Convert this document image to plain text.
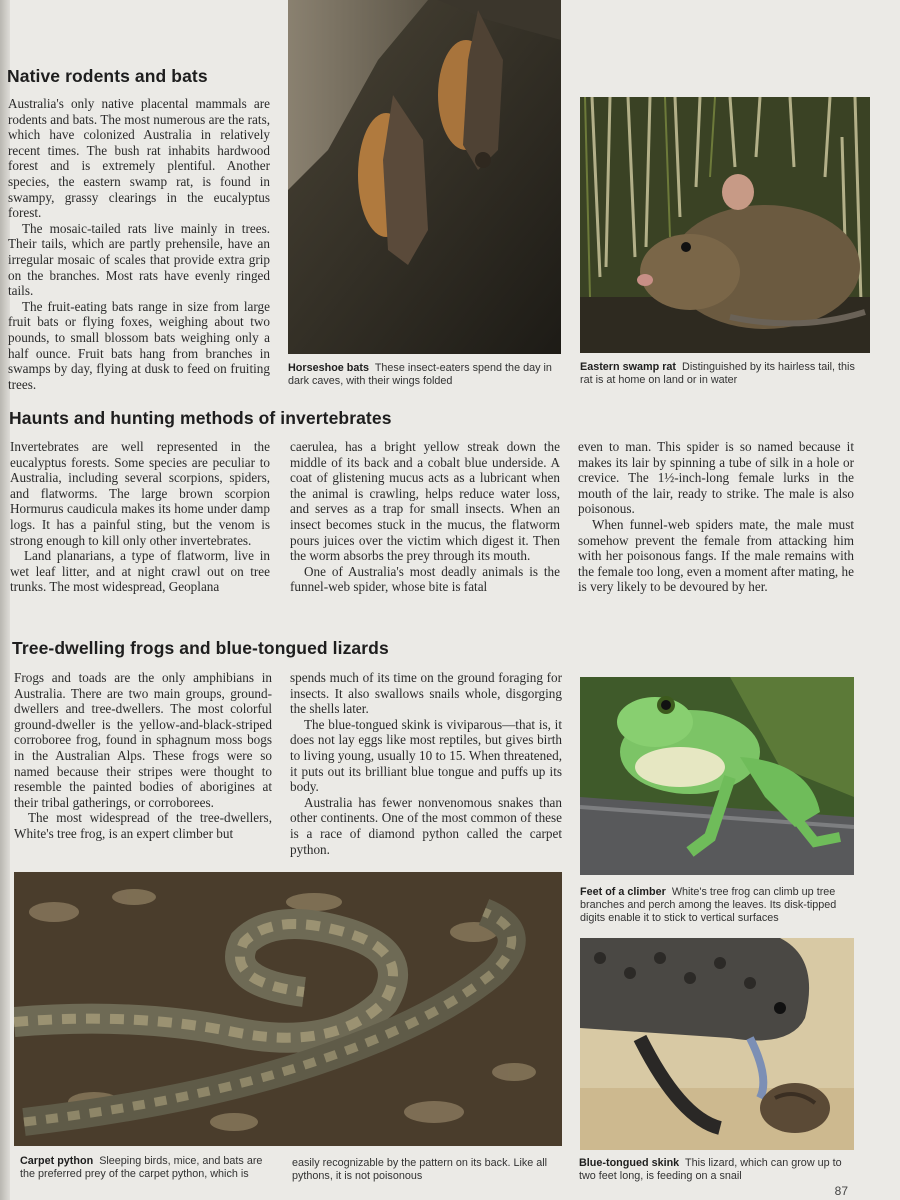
Native rodents and bats

Australia's only native placental mammals are rodents and bats. The most numerous are the rats, which have colonized Australia in relatively recent times. The bush rat inhabits hardwood forest and is extremely plentiful. Another species, the eastern swamp rat, is found in swampy, grassy clearings in the eucalyptus forest.

The mosaic-tailed rats live mainly in trees. Their tails, which are partly prehensile, have an irregular mosaic of scales that provide extra grip on the branches. Most rats have evenly ringed tails.

The fruit-eating bats range in size from large fruit bats or flying foxes, weighing about two pounds, to small blossom bats weighing only a half ounce. Fruit bats hang from branches in swamps by day, flying at dusk to feed on fruiting trees.

Horseshoe bats These insect-eaters spend the day in dark caves, with their wings folded
Eastern swamp rat Distinguished by its hairless tail, this rat is at home on land or in water
Haunts and hunting methods of invertebrates

Invertebrates are well represented in the eucalyptus forests. Some species are peculiar to Australia, including several scorpions, spiders, and flatworms. The large brown scorpion Hormurus caudicula makes its home under damp logs. It has a painful sting, but the venom is strong enough to kill only other invertebrates.

Land planarians, a type of flatworm, live in wet leaf litter, and at night crawl out on tree trunks. The most widespread, Geoplana

caerulea, has a bright yellow streak down the middle of its back and a cobalt blue underside. A coat of glistening mucus acts as a lubricant when the animal is crawling, helps reduce water loss, and serves as a trap for small insects. When an insect becomes stuck in the mucus, the flatworm pours juices over the victim which digest it. Then the worm absorbs the prey through its mouth.

One of Australia's most deadly animals is the funnel-web spider, whose bite is fatal

even to man. This spider is so named because it makes its lair by spinning a tube of silk in a hole or crevice. The 1½-inch-long female lurks in the mouth of the lair, ready to strike. The male is also poisonous.

When funnel-web spiders mate, the male must somehow prevent the female from attacking him with her poisonous fangs. If the male remains with the female too long, even a moment after mating, he is very likely to be devoured by her.

Tree-dwelling frogs and blue-tongued lizards

Frogs and toads are the only amphibians in Australia. There are two main groups, ground-dwellers and tree-dwellers. The most colorful ground-dweller is the yellow-and-black-striped corroboree frog, found in sphagnum moss bogs in the Australian Alps. These frogs were so named because their stripes were thought to resemble the painted bodies of aborigines at their tribal gatherings, or corroborees.

The most widespread of the tree-dwellers, White's tree frog, is an expert climber but

spends much of its time on the ground foraging for insects. It also swallows snails whole, disgorging the shells later.

The blue-tongued skink is viviparous—that is, it does not lay eggs like most reptiles, but gives birth to living young, usually 10 to 15. When threatened, it puts out its brilliant blue tongue and puffs up its body.

Australia has fewer nonvenomous snakes than other continents. One of the most common of these is a race of diamond python called the carpet python.

Feet of a climber White's tree frog can climb up tree branches and perch among the leaves. Its disk-tipped digits enable it to stick to vertical surfaces
Carpet python Sleeping birds, mice, and bats are the preferred prey of the carpet python, which is
easily recognizable by the pattern on its back. Like all pythons, it is not poisonous
Blue-tongued skink This lizard, which can grow up to two feet long, is feeding on a snail
87
